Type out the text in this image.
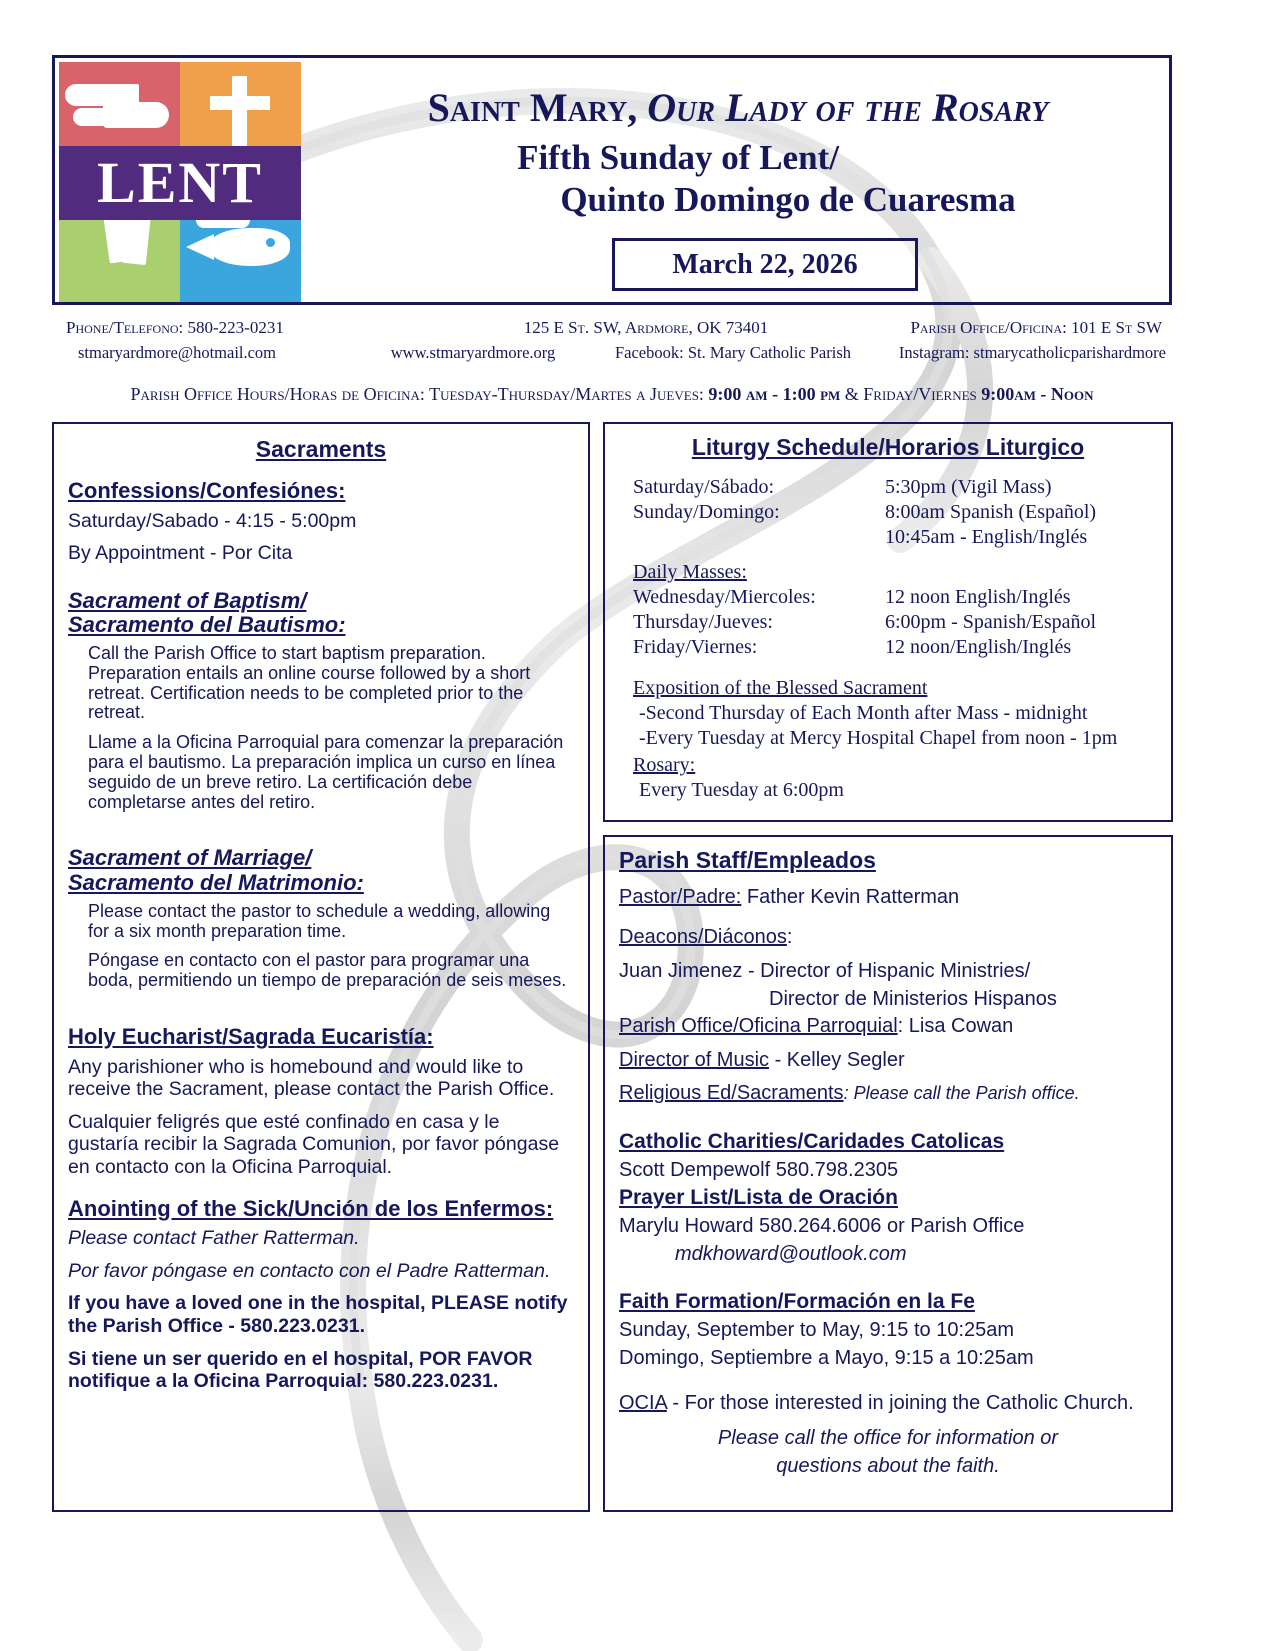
LENT
Saint Mary, Our Lady of the Rosary
Fifth Sunday of Lent/
Quinto Domingo de Cuaresma
March 22, 2026
Phone/Telefono: 580-223-0231	125 E St. SW, Ardmore, OK 73401	Parish Office/Oficina: 101 E St SW
stmaryardmore@hotmail.com	www.stmaryardmore.org	Facebook: St. Mary Catholic Parish	Instagram: stmarycatholicparishardmore
Parish Office Hours/Horas de Oficina: Tuesday-Thursday/Martes a Jueves: 9:00 am - 1:00 pm & Friday/Viernes 9:00am - Noon
Sacraments
Confessions/Confesiónes:

Saturday/Sabado - 4:15 - 5:00pm

By Appointment - Por Cita

Sacrament of Baptism/
Sacramento del Bautismo:

Call the Parish Office to start baptism preparation. Preparation entails an online course followed by a short retreat. Certification needs to be completed prior to the retreat.

Llame a la Oficina Parroquial para comenzar la preparación para el bautismo. La preparación implica un curso en línea seguido de un breve retiro. La certificación debe completarse antes del retiro.

Sacrament of Marriage/
Sacramento del Matrimonio:

Please contact the pastor to schedule a wedding, allowing for a six month preparation time.

Póngase en contacto con el pastor para programar una boda, permitiendo un tiempo de preparación de seis meses.

Holy Eucharist/Sagrada Eucaristía:

Any parishioner who is homebound and would like to receive the Sacrament, please contact the Parish Office.

Cualquier feligrés que esté confinado en casa y le gustaría recibir la Sagrada Comunion, por favor póngase en contacto con la Oficina Parroquial.

Anointing of the Sick/Unción de los Enfermos:

Please contact Father Ratterman.

Por favor póngase en contacto con el Padre Ratterman.

If you have a loved one in the hospital, PLEASE notify the Parish Office - 580.223.0231.

Si tiene un ser querido en el hospital, POR FAVOR notifique a la Oficina Parroquial: 580.223.0231.

Liturgy Schedule/Horarios Liturgico
Saturday/Sábado:	5:30pm (Vigil Mass)
Sunday/Domingo:	8:00am Spanish (Español)
10:45am - English/Inglés
Daily Masses:
Wednesday/Miercoles:	12 noon English/Inglés
Thursday/Jueves:	6:00pm - Spanish/Español
Friday/Viernes:	12 noon/English/Inglés
Exposition of the Blessed Sacrament
-Second Thursday of Each Month after Mass - midnight
-Every Tuesday at Mercy Hospital Chapel from noon - 1pm
Rosary:
Every Tuesday at 6:00pm
Parish Staff/Empleados

Pastor/Padre: Father Kevin Ratterman

Deacons/Diáconos:

Juan Jimenez - Director of Hispanic Ministries/

Director de Ministerios Hispanos

Parish Office/Oficina Parroquial: Lisa Cowan

Director of Music - Kelley Segler

Religious Ed/Sacraments: Please call the Parish office.

Catholic Charities/Caridades Catolicas

Scott Dempewolf 580.798.2305

Prayer List/Lista de Oración

Marylu Howard 580.264.6006 or Parish Office

mdkhoward@outlook.com

Faith Formation/Formación en la Fe

Sunday, September to May, 9:15 to 10:25am

Domingo, Septiembre a Mayo, 9:15 a 10:25am

OCIA - For those interested in joining the Catholic Church.

Please call the office for information or

questions about the faith.
